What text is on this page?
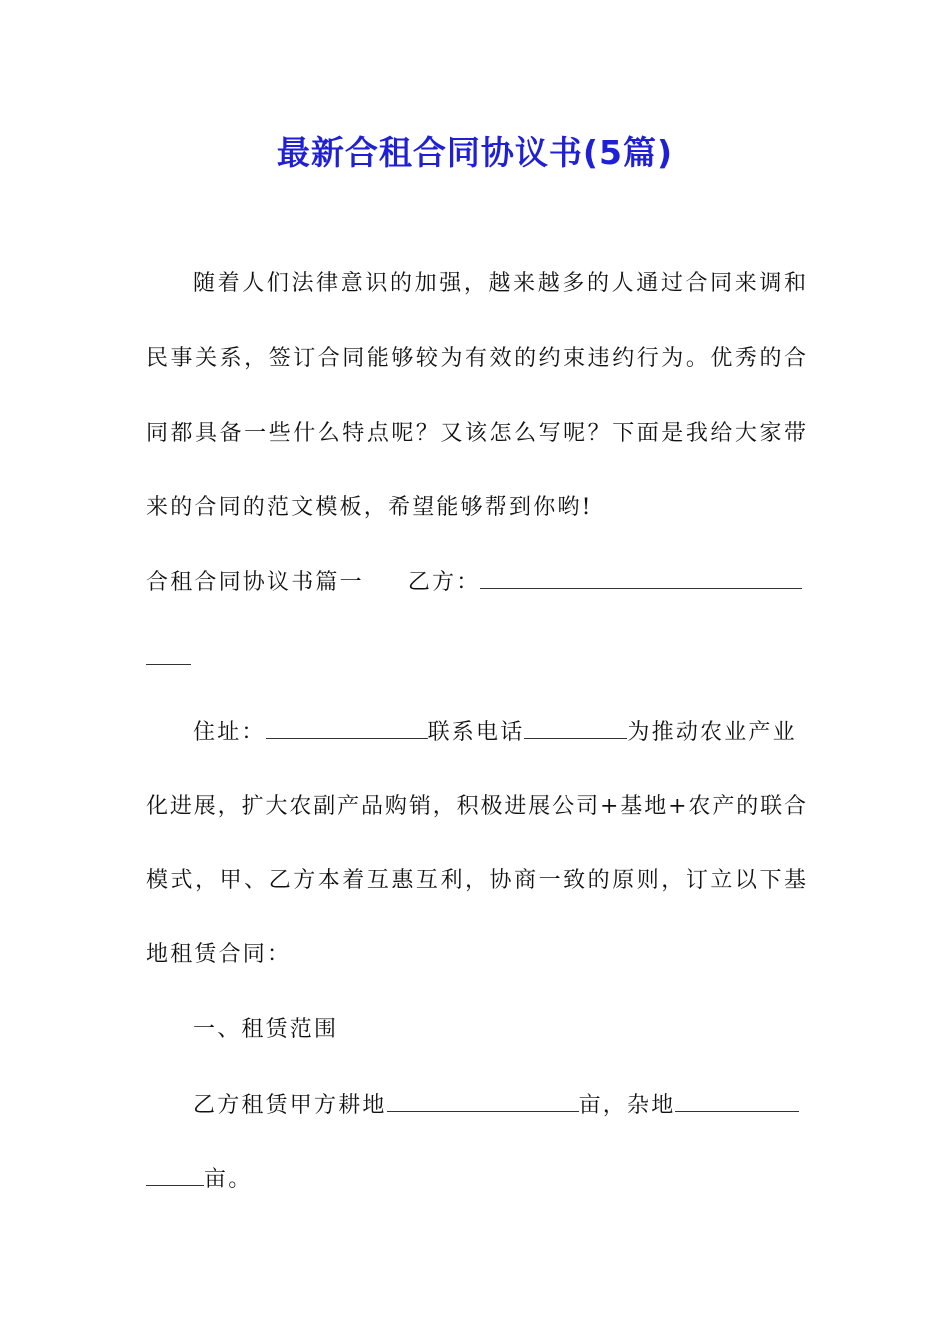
最新合租合同协议书(5篇)
随着人们法律意识的加强，越来越多的人通过合同来调和
民事关系，签订合同能够较为有效的约束违约行为。优秀的合
同都具备一些什么特点呢？又该怎么写呢？下面是我给大家带
来的合同的范文模板，希望能够帮到你哟!
合租合同协议书篇一 乙方：
住址：	联系电话	为推动农业产业
化进展，扩大农副产品购销，积极进展公司+基地+农产的联合
模式，甲、乙方本着互惠互利，协商一致的原则，订立以下基
地租赁合同：
一、租赁范围
乙方租赁甲方耕地	亩，杂地
亩。
